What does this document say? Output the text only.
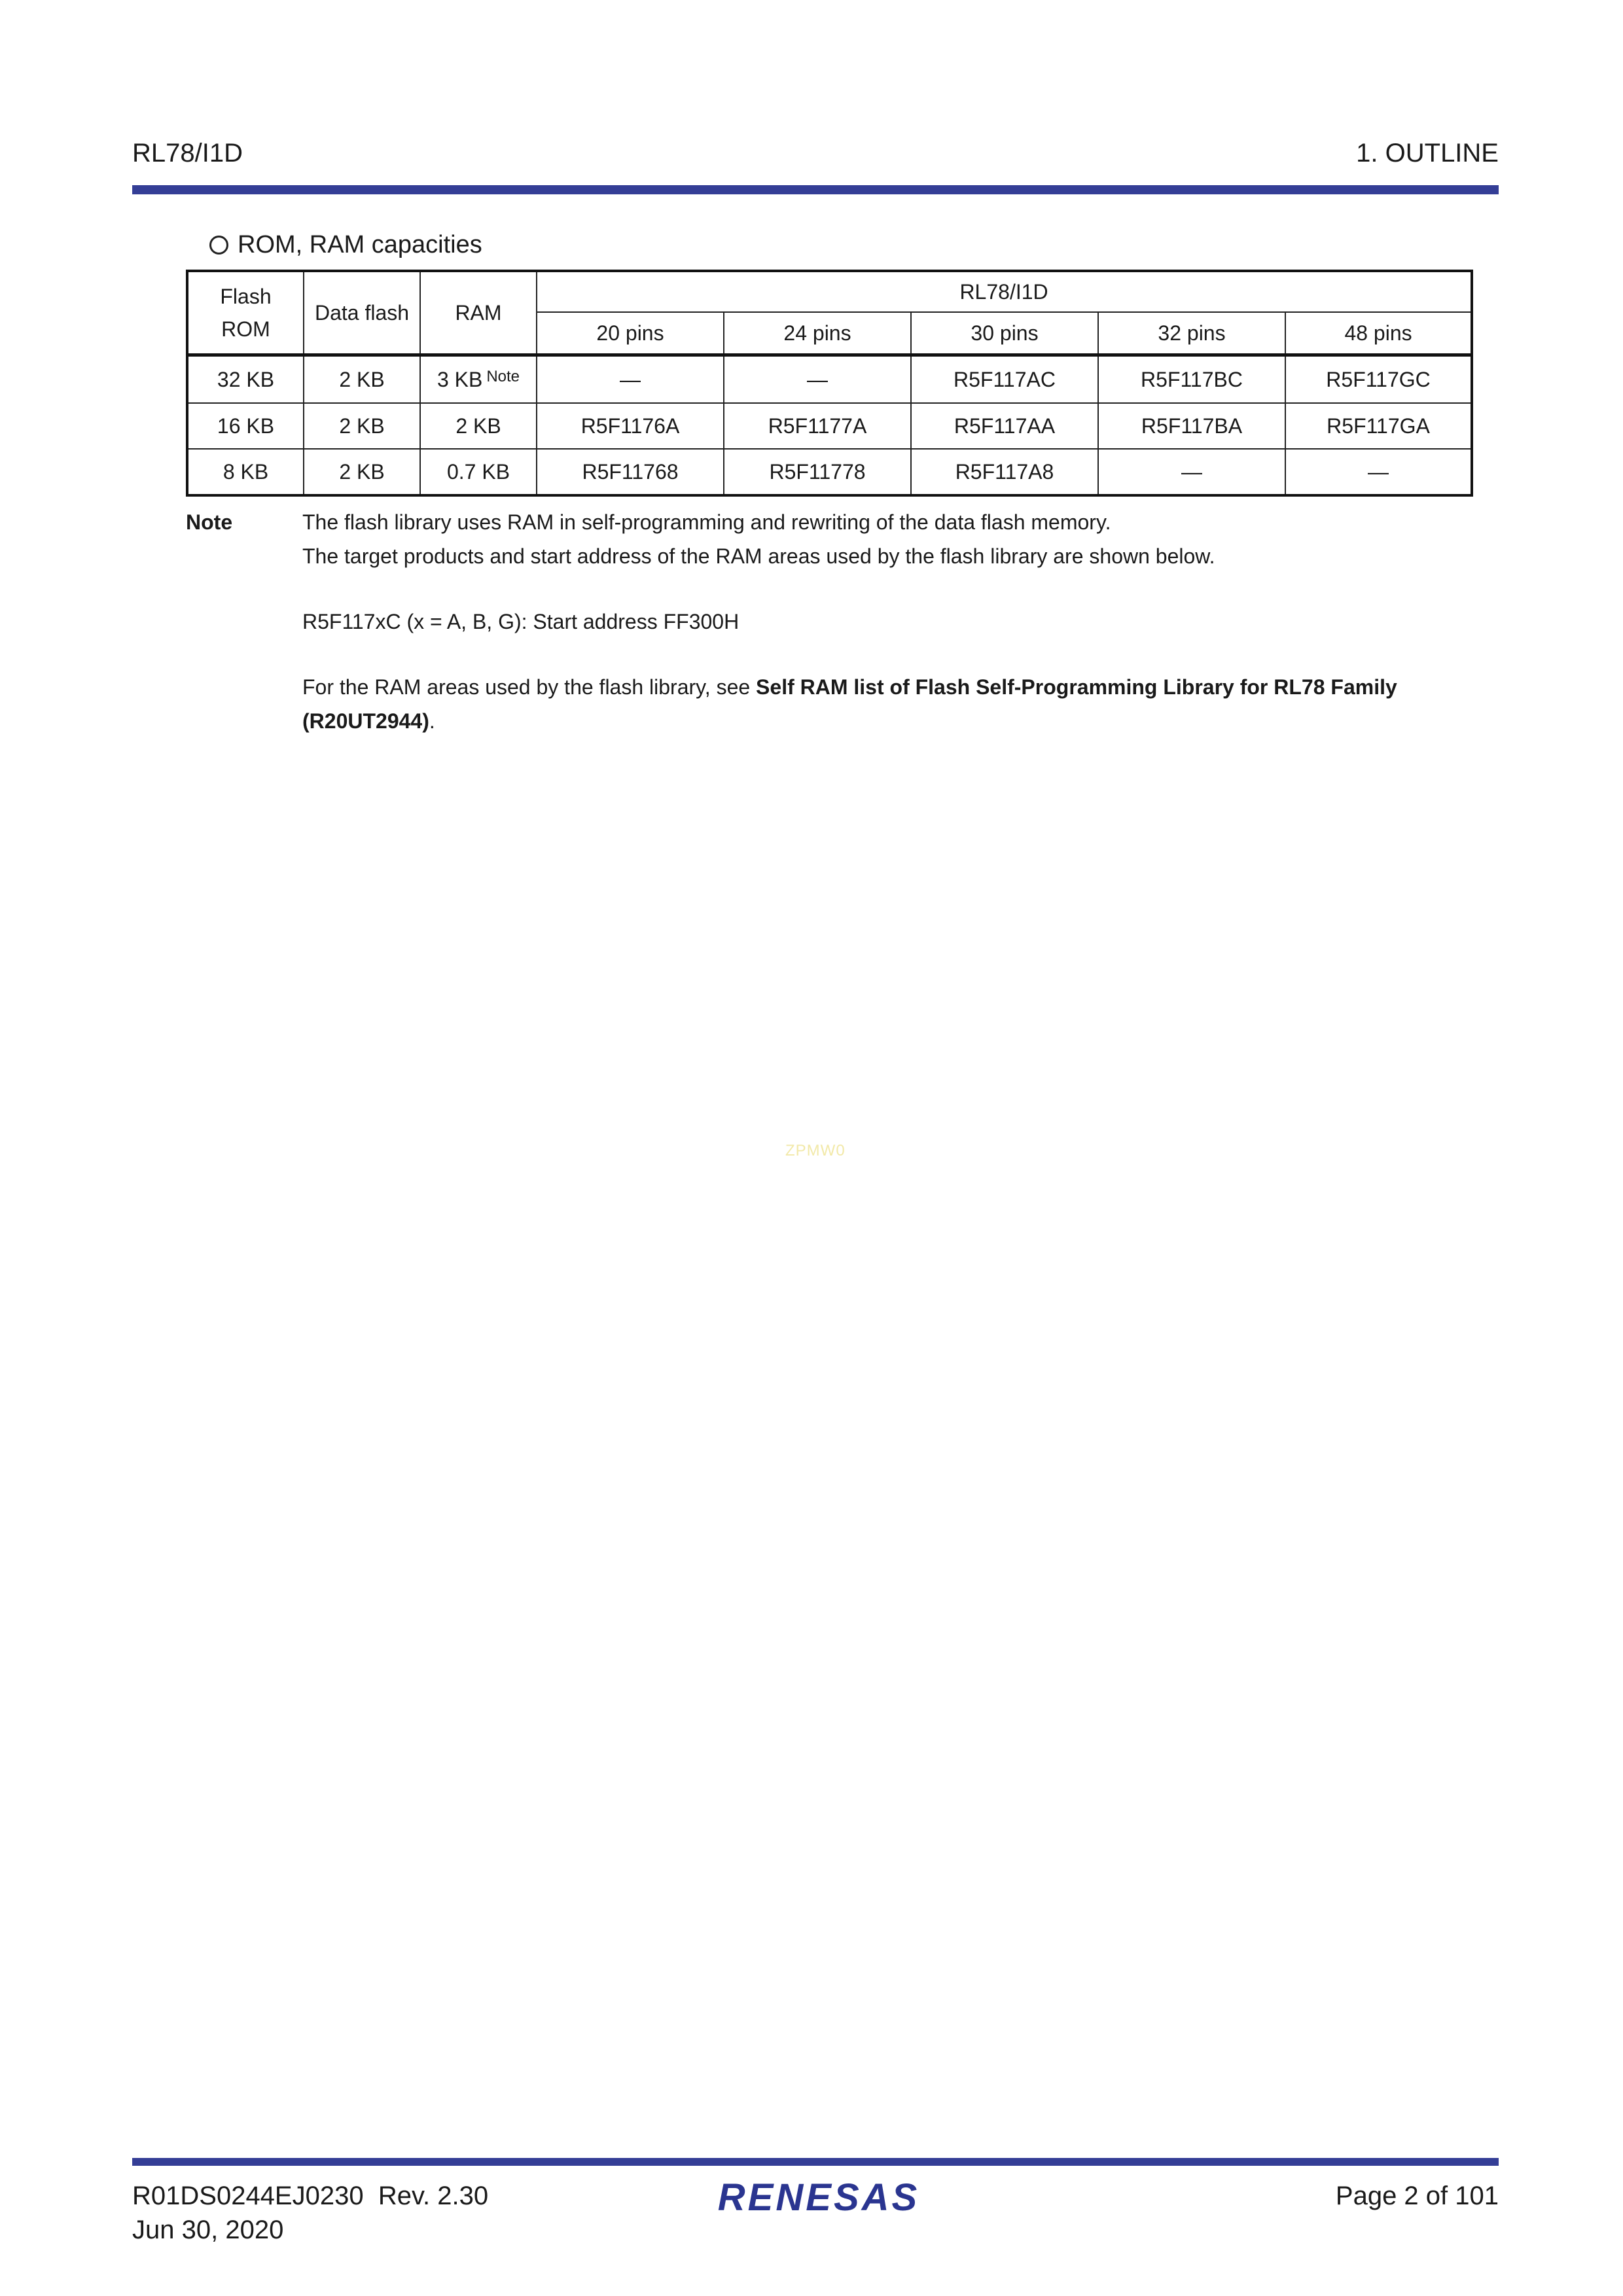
RL78/I1D	1. OUTLINE
ROM, RAM capacities
Flash
ROM	Data flash	RAM	RL78/I1D				
			20 pins	24 pins	30 pins	32 pins	48 pins
32 KB	2 KB	3 KB $^{Note}$	—	—	R5F117AC	R5F117BC	R5F117GC
16 KB	2 KB	2 KB	R5F1176A	R5F1177A	R5F117AA	R5F117BA	R5F117GA
8 KB	2 KB	0.7 KB	R5F11768	R5F11778	R5F117A8	—	—
Note	The flash library uses RAM in self-programming and rewriting of the data flash memory.

The target products and start address of the RAM areas used by the flash library are shown below.

R5F117xC (x = A, B, G): Start address FF300H

For the RAM areas used by the flash library, see Self RAM list of Flash Self-Programming Library for RL78 Family
(R20UT2944).

ZPMW0
R01DS0244EJ0230  Rev. 2.30
Jun 30, 2020
RENESAS	Page 2 of 101
